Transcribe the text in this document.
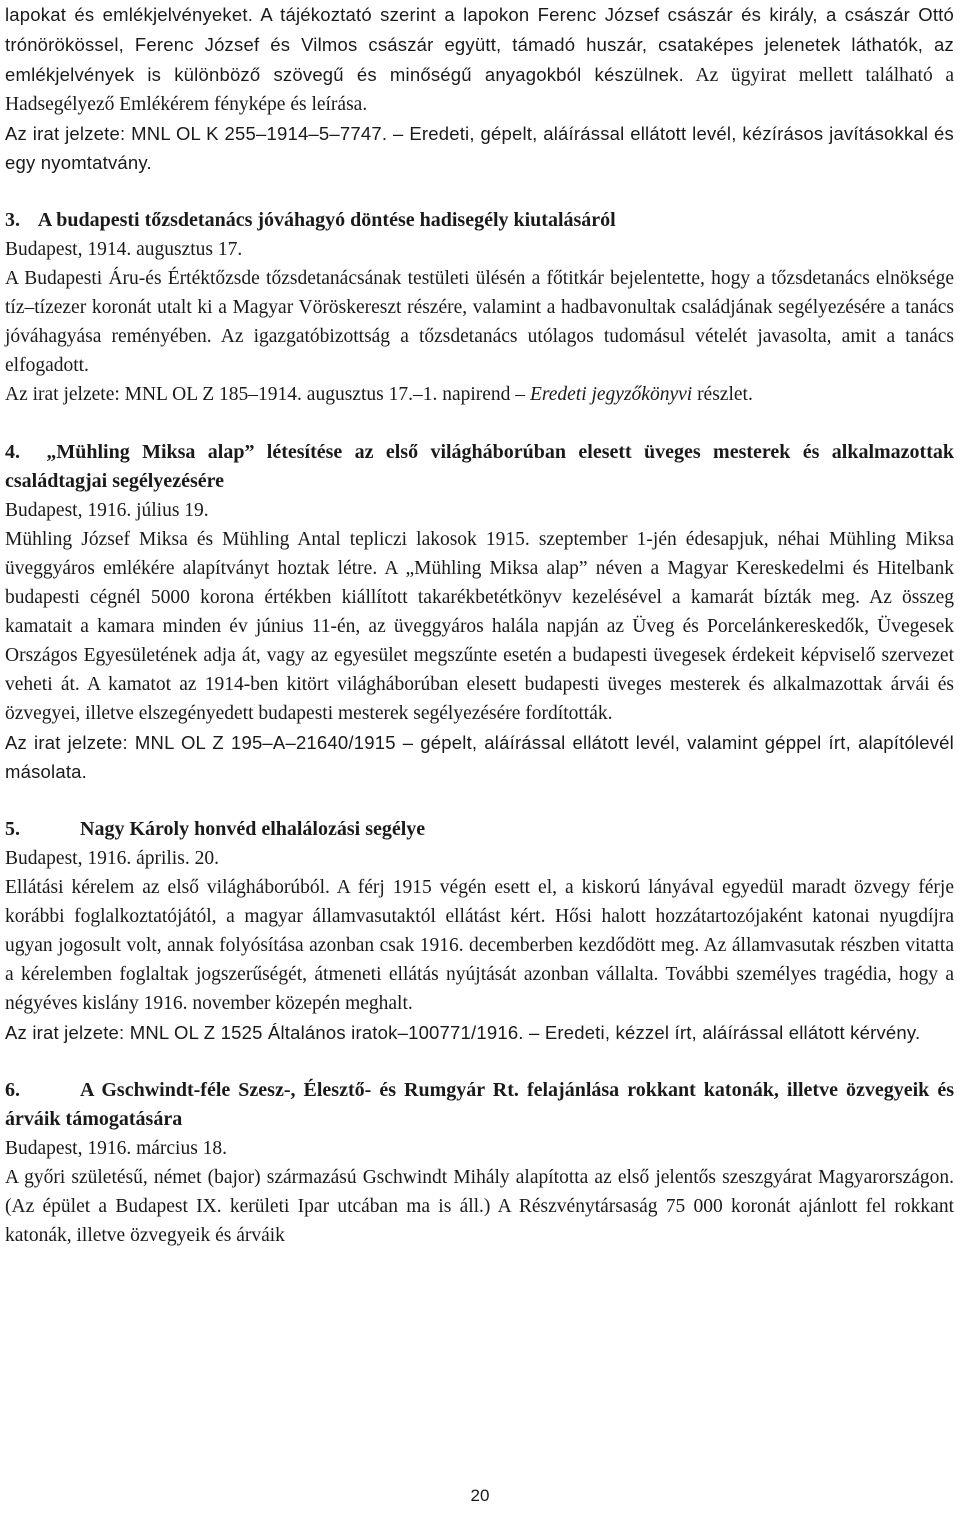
lapokat és emlékjelvényeket. A tájékoztató szerint a lapokon Ferenc József császár és király, a császár Ottó trónörökössel, Ferenc József és Vilmos császár együtt, támadó huszár, csataképes jelenetek láthatók, az emlékjelvények is különböző szövegű és minőségű anyagokból készülnek. Az ügyirat mellett található a Hadsegélyező Emlékérem fényképe és leírása.

Az irat jelzete: MNL OL K 255–1914–5–7747. – Eredeti, gépelt, aláírással ellátott levél, kézírásos javításokkal és egy nyomtatvány.

3. A budapesti tőzsdetanács jóváhagyó döntése hadisegély kiutalásáról

Budapest, 1914. augusztus 17.

A Budapesti Áru-és Értéktőzsde tőzsdetanácsának testületi ülésén a főtitkár bejelentette, hogy a tőzsdetanács elnöksége tíz–tízezer koronát utalt ki a Magyar Vöröskereszt részére, valamint a hadbavonultak családjának segélyezésére a tanács jóváhagyása reményében. Az igazgatóbizottság a tőzsdetanács utólagos tudomásul vételét javasolta, amit a tanács elfogadott.

Az irat jelzete: MNL OL Z 185–1914. augusztus 17.–1. napirend – Eredeti jegyzőkönyvi részlet.

4. „Mühling Miksa alap” létesítése az első világháborúban elesett üveges mesterek és alkalmazottak családtagjai segélyezésére

Budapest, 1916. július 19.

Mühling József Miksa és Mühling Antal tepliczi lakosok 1915. szeptember 1-jén édesapjuk, néhai Mühling Miksa üveggyáros emlékére alapítványt hoztak létre. A „Mühling Miksa alap” néven a Magyar Kereskedelmi és Hitelbank budapesti cégnél 5000 korona értékben kiállított takarékbetétkönyv kezelésével a kamarát bízták meg. Az összeg kamatait a kamara minden év június 11-én, az üveggyáros halála napján az Üveg és Porcelánkereskedők, Üvegesek Országos Egyesületének adja át, vagy az egyesület megszűnte esetén a budapesti üvegesek érdekeit képviselő szervezet veheti át. A kamatot az 1914-ben kitört világháborúban elesett budapesti üveges mesterek és alkalmazottak árvái és özvegyei, illetve elszegényedett budapesti mesterek segélyezésére fordították.

Az irat jelzete: MNL OL Z 195–A–21640/1915 – gépelt, aláírással ellátott levél, valamint géppel írt, alapítólevél másolata.

5.	Nagy Károly honvéd elhalálozási segélye

Budapest, 1916. április. 20.

Ellátási kérelem az első világháborúból. A férj 1915 végén esett el, a kiskorú lányával egyedül maradt özvegy férje korábbi foglalkoztatójától, a magyar államvasutaktól ellátást kért. Hősi halott hozzátartozójaként katonai nyugdíjra ugyan jogosult volt, annak folyósítása azonban csak 1916. decemberben kezdődött meg. Az államvasutak részben vitatta a kérelemben foglaltak jogszerűségét, átmeneti ellátás nyújtását azonban vállalta. További személyes tragédia, hogy a négyéves kislány 1916. november közepén meghalt.

Az irat jelzete: MNL OL Z 1525 Általános iratok–100771/1916. – Eredeti, kézzel írt, aláírással ellátott kérvény.

6.	A Gschwindt-féle Szesz-, Élesztő- és Rumgyár Rt. felajánlása rokkant katonák, illetve özvegyeik és árváik támogatására

Budapest, 1916. március 18.

A győri születésű, német (bajor) származású Gschwindt Mihály alapította az első jelentős szeszgyárat Magyarországon. (Az épület a Budapest IX. kerületi Ipar utcában ma is áll.) A Részvénytársaság 75 000 koronát ajánlott fel rokkant katonák, illetve özvegyeik és árváik

20
